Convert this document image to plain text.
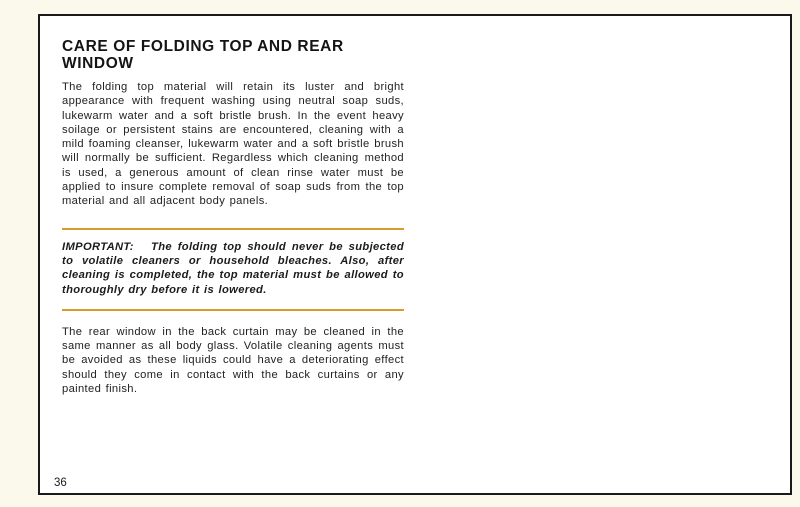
CARE OF FOLDING TOP AND REAR WINDOW

The folding top material will retain its luster and bright appearance with frequent washing using neutral soap suds, lukewarm water and a soft bristle brush. In the event heavy soilage or persistent stains are encountered, cleaning with a mild foaming cleanser, lukewarm water and a soft bristle brush will normally be sufficient. Regardless which cleaning method is used, a generous amount of clean rinse water must be applied to insure complete removal of soap suds from the top material and all adjacent body panels.

IMPORTANT: The folding top should never be subjected to volatile cleaners or household bleaches. Also, after cleaning is completed, the top material must be allowed to thoroughly dry before it is lowered.

The rear window in the back curtain may be cleaned in the same manner as all body glass. Volatile cleaning agents must be avoided as these liquids could have a deteriorating effect should they come in contact with the back curtains or any painted finish.

36
